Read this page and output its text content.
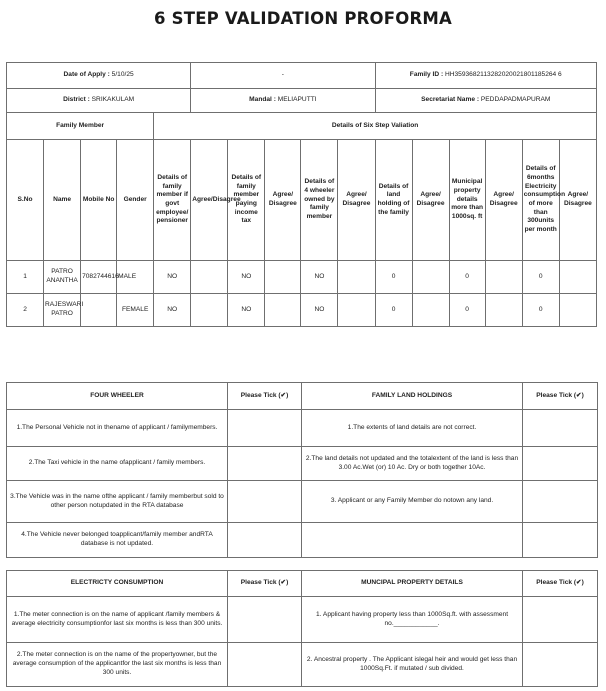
6 STEP VALIDATION PROFORMA
Date of Apply : 5/10/25					-					Family ID : HH3593682113282020021801185264 6					
District : SRIKAKULAM					Mandal : MELIAPUTTI					Secretariat Name : PEDDAPADMAPURAM					
Family Member				Details of Six Step Valiation											
S.No	Name	Mobile No	Gender	Details of family member if govt employee/ pensioner	Agree/Disagree	Details of family member paying income tax	Agree/ Disagree	Details of 4 wheeler owned by family member	Agree/ Disagree	Details of land holding of the family	Agree/ Disagree	Municipal property details more than 1000sq. ft	Agree/ Disagree	Details of 6months Electricity consumption of more than 300units per month	Agree/ Disagree
1	PATRO ANANTHA	7082744616	MALE	NO		NO		NO		0		0		0	
2	RAJESWARI PATRO		FEMALE	NO		NO		NO		0		0		0	
FOUR WHEELER	Please Tick (✔)	FAMILY LAND HOLDINGS	Please Tick (✔)
1.The Personal Vehicle not in thename of applicant / familymembers.		1.The extents of land details are not correct.	
2.The Taxi vehicle in the name ofapplicant / family members.		2.The land details not updated and the totalextent of the land is less than 3.00 Ac.Wet (or) 10 Ac. Dry or both together 10Ac.	
3.The Vehicle was in the name ofthe applicant / family memberbut sold to other person notupdated in the RTA database		3. Applicant or any Family Member do notown any land.	
4.The Vehicle never belonged toapplicant/family member andRTA database is not updated.			
ELECTRICTY CONSUMPTION	Please Tick (✔)	MUNCIPAL PROPERTY DETAILS	Please Tick (✔)
1.The meter connection is on the name of applicant /family members & average electricity consumptionfor last six months is less than 300 units.		1. Applicant having property less than 1000Sq.ft. with assessment no.____________.	
2.The meter connection is on the name of the propertyowner, but the average consumption of the applicantfor the last six months is less than 300 units.		2. Ancestral property . The Applicant islegal heir and would get less than 1000Sq.Ft. if mutated / sub divided.	
